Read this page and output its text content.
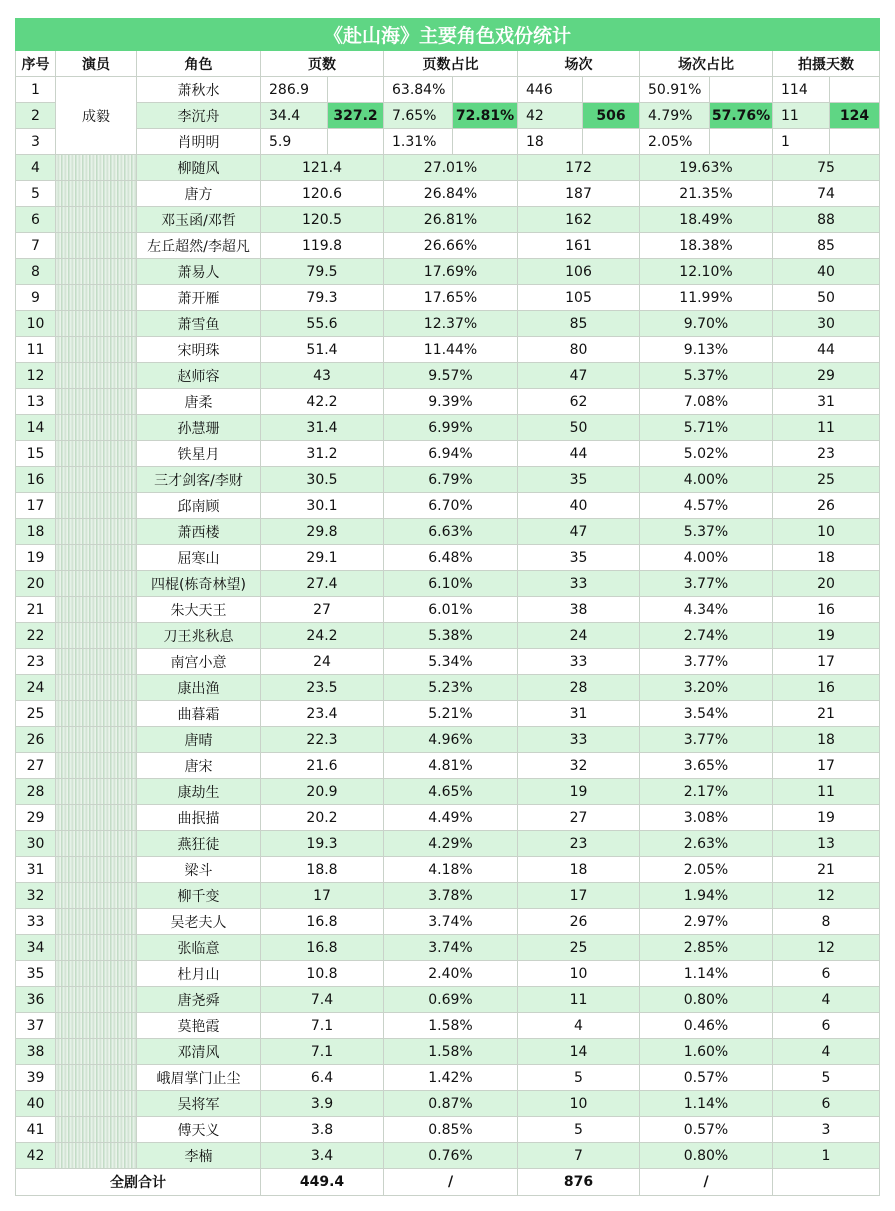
《赴山海》主要角色戏份统计												
序号	演员	角色	页数		页数占比		场次		场次占比		拍摄天数	
1	成毅	萧秋水	286.9		63.84%		446		50.91%		114	
2		李沉舟	34.4	327.2	7.65%	72.81%	42	506	4.79%	57.76%	11	124
3		肖明明	5.9		1.31%		18		2.05%		1	
4		柳随风	121.4		27.01%		172		19.63%		75	
5		唐方	120.6		26.84%		187		21.35%		74	
6		邓玉函/邓哲	120.5		26.81%		162		18.49%		88	
7		左丘超然/李超凡	119.8		26.66%		161		18.38%		85	
8		萧易人	79.5		17.69%		106		12.10%		40	
9		萧开雁	79.3		17.65%		105		11.99%		50	
10		萧雪鱼	55.6		12.37%		85		9.70%		30	
11		宋明珠	51.4		11.44%		80		9.13%		44	
12		赵师容	43		9.57%		47		5.37%		29	
13		唐柔	42.2		9.39%		62		7.08%		31	
14		孙慧珊	31.4		6.99%		50		5.71%		11	
15		铁星月	31.2		6.94%		44		5.02%		23	
16		三才剑客/李财	30.5		6.79%		35		4.00%		25	
17		邱南顾	30.1		6.70%		40		4.57%		26	
18		萧西楼	29.8		6.63%		47		5.37%		10	
19		屈寒山	29.1		6.48%		35		4.00%		18	
20		四棍(栋奇林望)	27.4		6.10%		33		3.77%		20	
21		朱大天王	27		6.01%		38		4.34%		16	
22		刀王兆秋息	24.2		5.38%		24		2.74%		19	
23		南宫小意	24		5.34%		33		3.77%		17	
24		康出渔	23.5		5.23%		28		3.20%		16	
25		曲暮霜	23.4		5.21%		31		3.54%		21	
26		唐晴	22.3		4.96%		33		3.77%		18	
27		唐宋	21.6		4.81%		32		3.65%		17	
28		康劫生	20.9		4.65%		19		2.17%		11	
29		曲抿描	20.2		4.49%		27		3.08%		19	
30		燕狂徒	19.3		4.29%		23		2.63%		13	
31		梁斗	18.8		4.18%		18		2.05%		21	
32		柳千变	17		3.78%		17		1.94%		12	
33		吴老夫人	16.8		3.74%		26		2.97%		8	
34		张临意	16.8		3.74%		25		2.85%		12	
35		杜月山	10.8		2.40%		10		1.14%		6	
36		唐尧舜	7.4		0.69%		11		0.80%		4	
37		莫艳霞	7.1		1.58%		4		0.46%		6	
38		邓清风	7.1		1.58%		14		1.60%		4	
39		峨眉掌门止尘	6.4		1.42%		5		0.57%		5	
40		吴将军	3.9		0.87%		10		1.14%		6	
41		傅天义	3.8		0.85%		5		0.57%		3	
42		李楠	3.4		0.76%		7		0.80%		1	
全剧合计			449.4		/		876		/			
